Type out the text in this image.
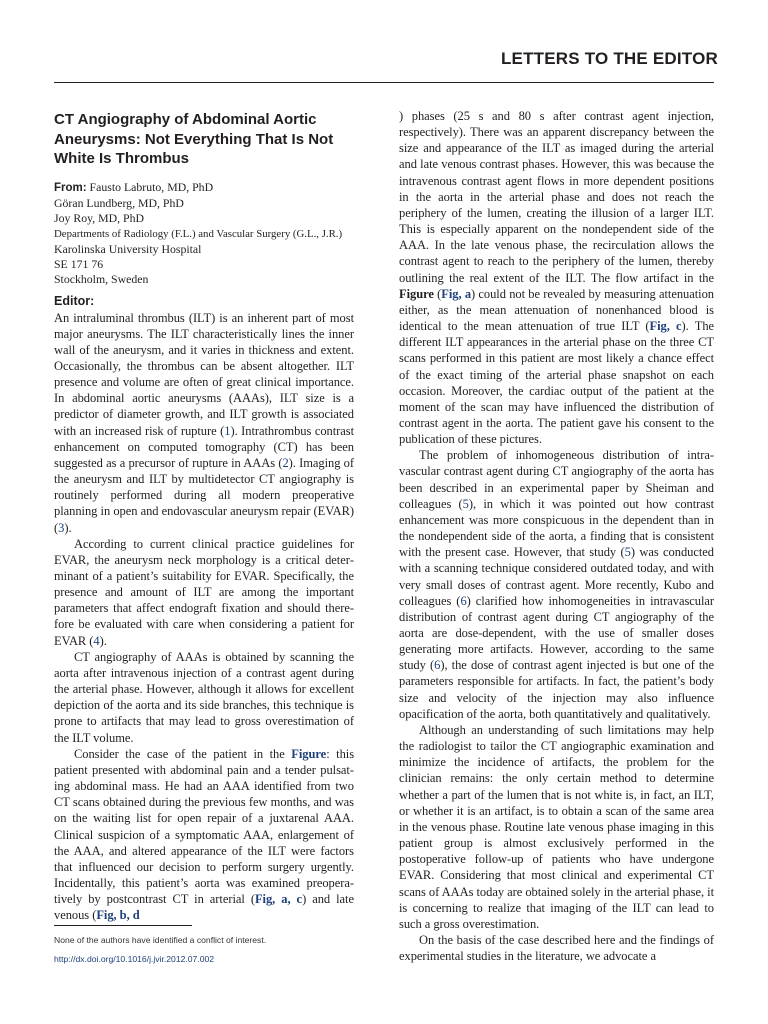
LETTERS TO THE EDITOR
CT Angiography of Abdominal Aortic Aneurysms: Not Everything That Is Not White Is Thrombus
From: Fausto Labruto, MD, PhD
Göran Lundberg, MD, PhD
Joy Roy, MD, PhD
Departments of Radiology (F.L.) and Vascular Surgery (G.L., J.R.)
Karolinska University Hospital
SE 171 76
Stockholm, Sweden
Editor:

An intraluminal thrombus (ILT) is an inherent part of most major aneurysms. The ILT characteristically lines the inner wall of the aneurysm, and it varies in thickness and extent. Occasionally, the thrombus can be absent altogether. ILT presence and volume are often of great clinical importance. In abdominal aortic aneurysms (AAAs), ILT size is a predictor of diameter growth, and ILT growth is associated with an increased risk of rupture (1). Intrathrombus contrast enhancement on computed tomography (CT) has been suggested as a precursor of rupture in AAAs (2). Imaging of the aneurysm and ILT by multidetector CT angiography is routinely performed during all modern preoperative planning in open and endovascular aneurysm repair (EVAR) (3).

According to current clinical practice guidelines for EVAR, the aneurysm neck morphology is a critical determinant of a patient’s suitability for EVAR. Specifically, the presence and amount of ILT are among the important parameters that affect endograft fixation and should therefore be evaluated with care when considering a patient for EVAR (4).

CT angiography of AAAs is obtained by scanning the aorta after intravenous injection of a contrast agent during the arterial phase. However, although it allows for excellent depiction of the aorta and its side branches, this technique is prone to artifacts that may lead to gross overestimation of the ILT volume.

Consider the case of the patient in the Figure: this patient presented with abdominal pain and a tender pulsating abdominal mass. He had an AAA identified from two CT scans obtained during the previous few months, and was on the waiting list for open repair of a juxtarenal AAA. Clinical suspicion of a symptomatic AAA, enlargement of the AAA, and altered appearance of the ILT were factors that influenced our decision to perform surgery urgently. Incidentally, this patient’s aorta was examined preoperatively by postcontrast CT in arterial (Fig, a, c) and late venous (Fig, b, d

) phases (25 s and 80 s after contrast agent injection, respectively). There was an apparent discrepancy between the size and appearance of the ILT as imaged during the arterial and late venous contrast phases. However, this was because the intravenous contrast agent flows in more dependent positions in the aorta in the arterial phase and does not reach the periphery of the lumen, creating the illusion of a larger ILT. This is especially apparent on the nondependent side of the AAA. In the late venous phase, the recirculation allows the contrast agent to reach to the periphery of the lumen, thereby outlining the real extent of the ILT. The flow artifact in the Figure (Fig, a) could not be revealed by measuring attenuation either, as the mean attenuation of nonenhanced blood is identical to the mean attenuation of true ILT (Fig, c). The different ILT appearances in the arterial phase on the three CT scans performed in this patient are most likely a chance effect of the exact timing of the arterial phase snapshot on each occasion. Moreover, the cardiac output of the patient at the moment of the scan may have influenced the distribution of contrast agent in the aorta. The patient gave his consent to the publication of these pictures.

The problem of inhomogeneous distribution of intravascular contrast agent during CT angiography of the aorta has been described in an experimental paper by Sheiman and colleagues (5), in which it was pointed out how contrast enhancement was more conspicuous in the dependent than in the nondependent side of the aorta, a finding that is consistent with the present case. However, that study (5) was conducted with a scanning technique considered outdated today, and with very small doses of contrast agent. More recently, Kubo and colleagues (6) clarified how inhomogeneities in intravascular distribution of contrast agent during CT angiography of the aorta are dose-dependent, with the use of smaller doses generating more artifacts. However, according to the same study (6), the dose of contrast agent injected is but one of the parameters responsible for artifacts. In fact, the patient’s body size and velocity of the injection may also influence opacification of the aorta, both quantitatively and qualitatively.

Although an understanding of such limitations may help the radiologist to tailor the CT angiographic examination and minimize the incidence of artifacts, the problem for the clinician remains: the only certain method to determine whether a part of the lumen that is not white is, in fact, an ILT, or whether it is an artifact, is to obtain a scan of the same area in the venous phase. Routine late venous phase imaging in this patient group is almost exclusively performed in the postoperative follow-up of patients who have undergone EVAR. Considering that most clinical and experimental CT scans of AAAs today are obtained solely in the arterial phase, it is concerning to realize that imaging of the ILT can lead to such a gross overestimation.

On the basis of the case described here and the findings of experimental studies in the literature, we advocate a

None of the authors have identified a conflict of interest.
http://dx.doi.org/10.1016/j.jvir.2012.07.002
